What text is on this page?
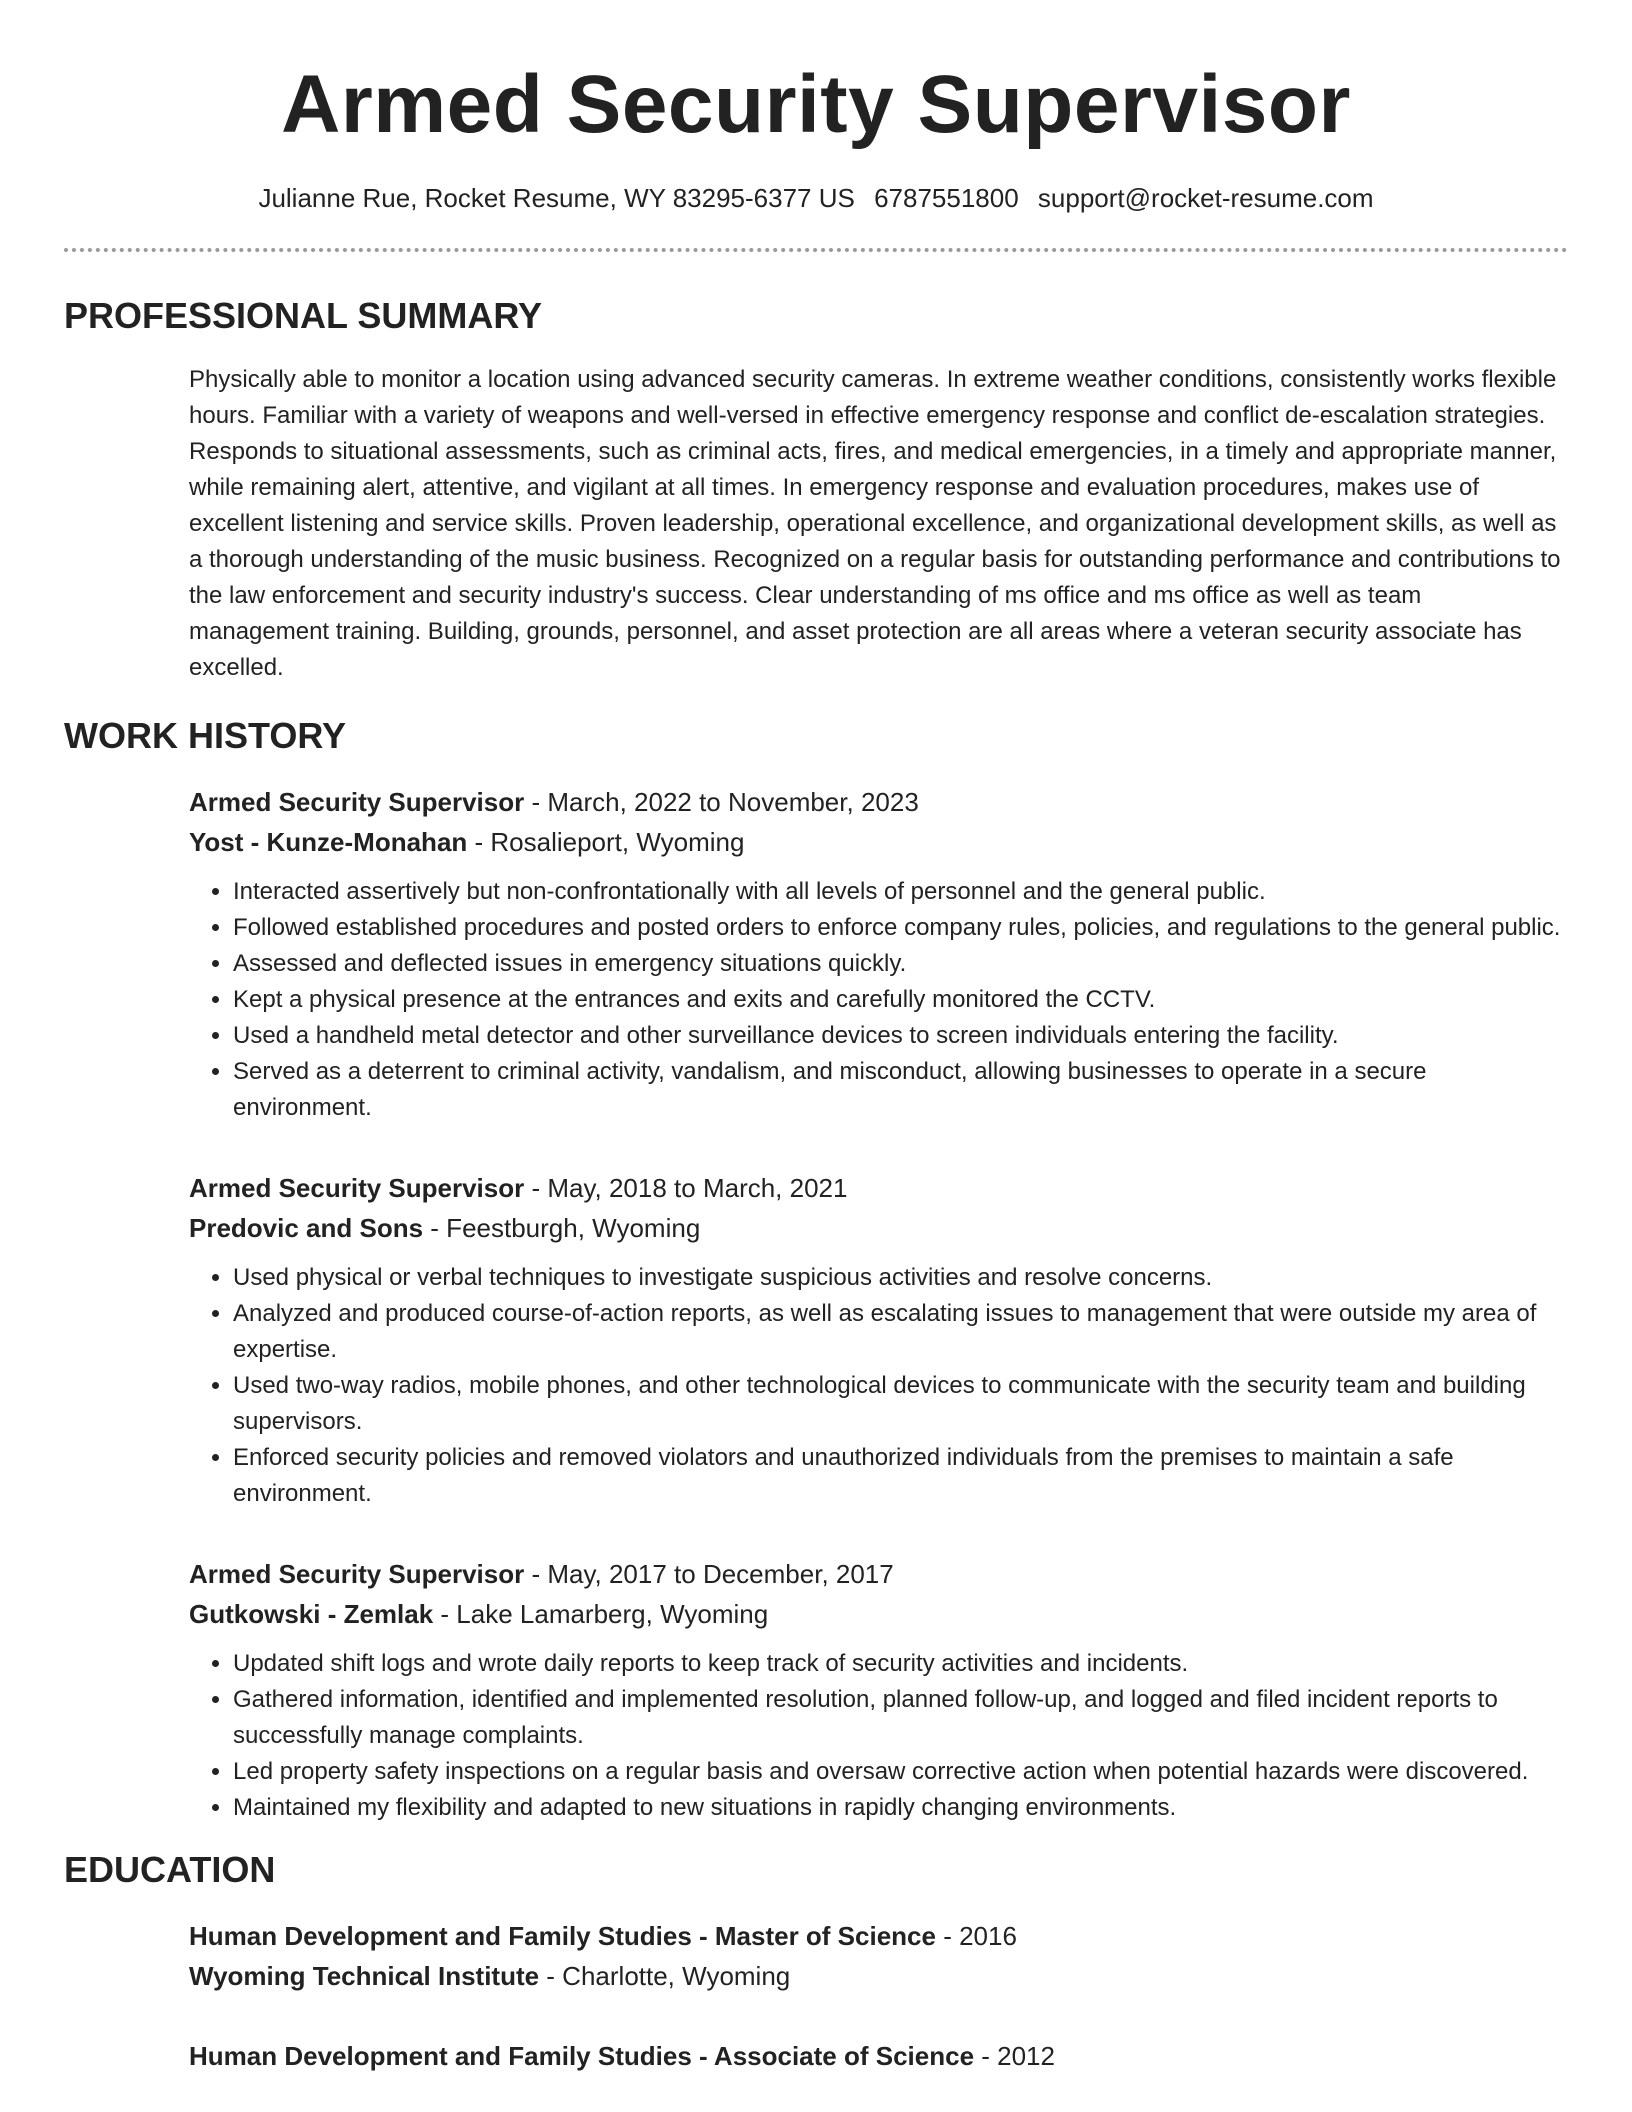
Armed Security Supervisor
Julianne Rue, Rocket Resume, WY 83295-6377 US 6787551800 support@rocket-resume.com
PROFESSIONAL SUMMARY
Physically able to monitor a location using advanced security cameras. In extreme weather conditions, consistently works flexible hours. Familiar with a variety of weapons and well-versed in effective emergency response and conflict de-escalation strategies. Responds to situational assessments, such as criminal acts, fires, and medical emergencies, in a timely and appropriate manner, while remaining alert, attentive, and vigilant at all times. In emergency response and evaluation procedures, makes use of excellent listening and service skills. Proven leadership, operational excellence, and organizational development skills, as well as a thorough understanding of the music business. Recognized on a regular basis for outstanding performance and contributions to the law enforcement and security industry's success. Clear understanding of ms office and ms office as well as team management training. Building, grounds, personnel, and asset protection are all areas where a veteran security associate has excelled.
WORK HISTORY
Armed Security Supervisor - March, 2022 to November, 2023
Yost - Kunze-Monahan - Rosalieport, Wyoming
• Interacted assertively but non-confrontationally with all levels of personnel and the general public.
• Followed established procedures and posted orders to enforce company rules, policies, and regulations to the general public.
• Assessed and deflected issues in emergency situations quickly.
• Kept a physical presence at the entrances and exits and carefully monitored the CCTV.
• Used a handheld metal detector and other surveillance devices to screen individuals entering the facility.
• Served as a deterrent to criminal activity, vandalism, and misconduct, allowing businesses to operate in a secure environment.
Armed Security Supervisor - May, 2018 to March, 2021
Predovic and Sons - Feestburgh, Wyoming
• Used physical or verbal techniques to investigate suspicious activities and resolve concerns.
• Analyzed and produced course-of-action reports, as well as escalating issues to management that were outside my area of expertise.
• Used two-way radios, mobile phones, and other technological devices to communicate with the security team and building supervisors.
• Enforced security policies and removed violators and unauthorized individuals from the premises to maintain a safe environment.
Armed Security Supervisor - May, 2017 to December, 2017
Gutkowski - Zemlak - Lake Lamarberg, Wyoming
• Updated shift logs and wrote daily reports to keep track of security activities and incidents.
• Gathered information, identified and implemented resolution, planned follow-up, and logged and filed incident reports to successfully manage complaints.
• Led property safety inspections on a regular basis and oversaw corrective action when potential hazards were discovered.
• Maintained my flexibility and adapted to new situations in rapidly changing environments.
EDUCATION
Human Development and Family Studies - Master of Science - 2016
Wyoming Technical Institute - Charlotte, Wyoming
Human Development and Family Studies - Associate of Science - 2012
